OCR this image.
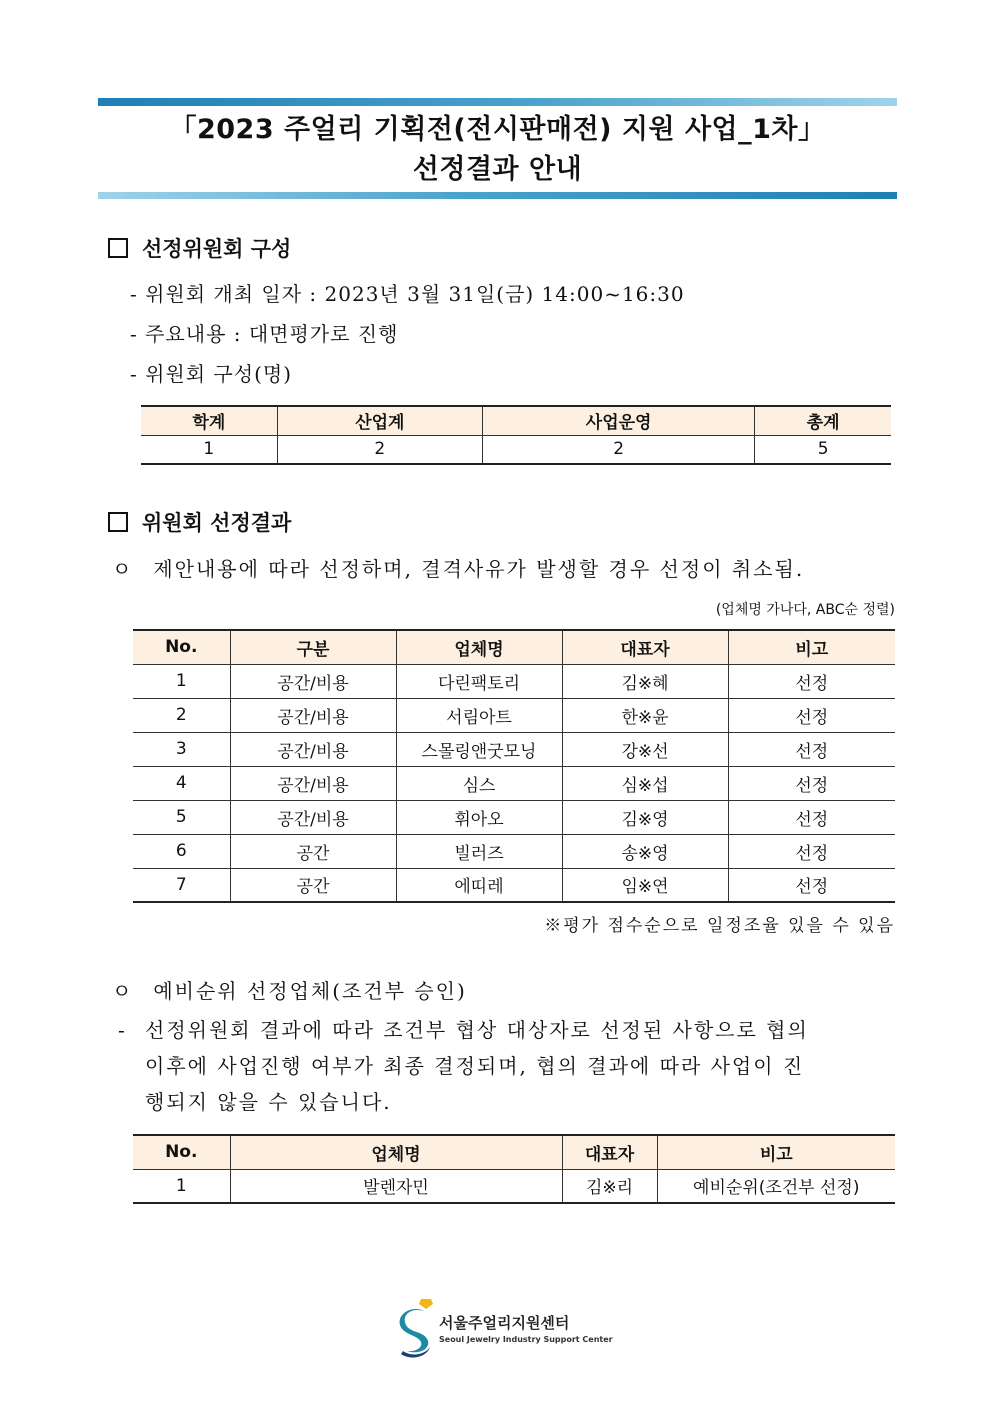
「2023 주얼리 기획전(전시판매전) 지원 사업_1차」
선정결과 안내
선정위원회 구성
- 위원회 개최 일자 : 2023년 3월 31일(금) 14:00~16:30
- 주요내용 : 대면평가로 진행
- 위원회 구성(명)
학계	산업계	사업운영	총계
1	2	2	5
위원회 선정결과
ㅇ 제안내용에 따라 선정하며, 결격사유가 발생할 경우 선정이 취소됨.
(업체명 가나다, ABC순 정렬)
No.	구분	업체명	대표자	비고
1	공간/비용	다린팩토리	김※혜	선정
2	공간/비용	서림아트	한※윤	선정
3	공간/비용	스몰링앤굿모닝	강※선	선정
4	공간/비용	심스	심※섭	선정
5	공간/비용	휘아오	김※영	선정
6	공간	빌러즈	송※영	선정
7	공간	에띠레	임※연	선정
※평가 점수순으로 일정조율 있을 수 있음
ㅇ 예비순위 선정업체(조건부 승인)
- 선정위원회 결과에 따라 조건부 협상 대상자로 선정된 사항으로 협의
이후에 사업진행 여부가 최종 결정되며, 협의 결과에 따라 사업이 진
행되지 않을 수 있습니다.
No.	업체명	대표자	비고
1	발렌자민	김※리	예비순위(조건부 선정)
서울주얼리지원센터
Seoul Jewelry Industry Support Center
